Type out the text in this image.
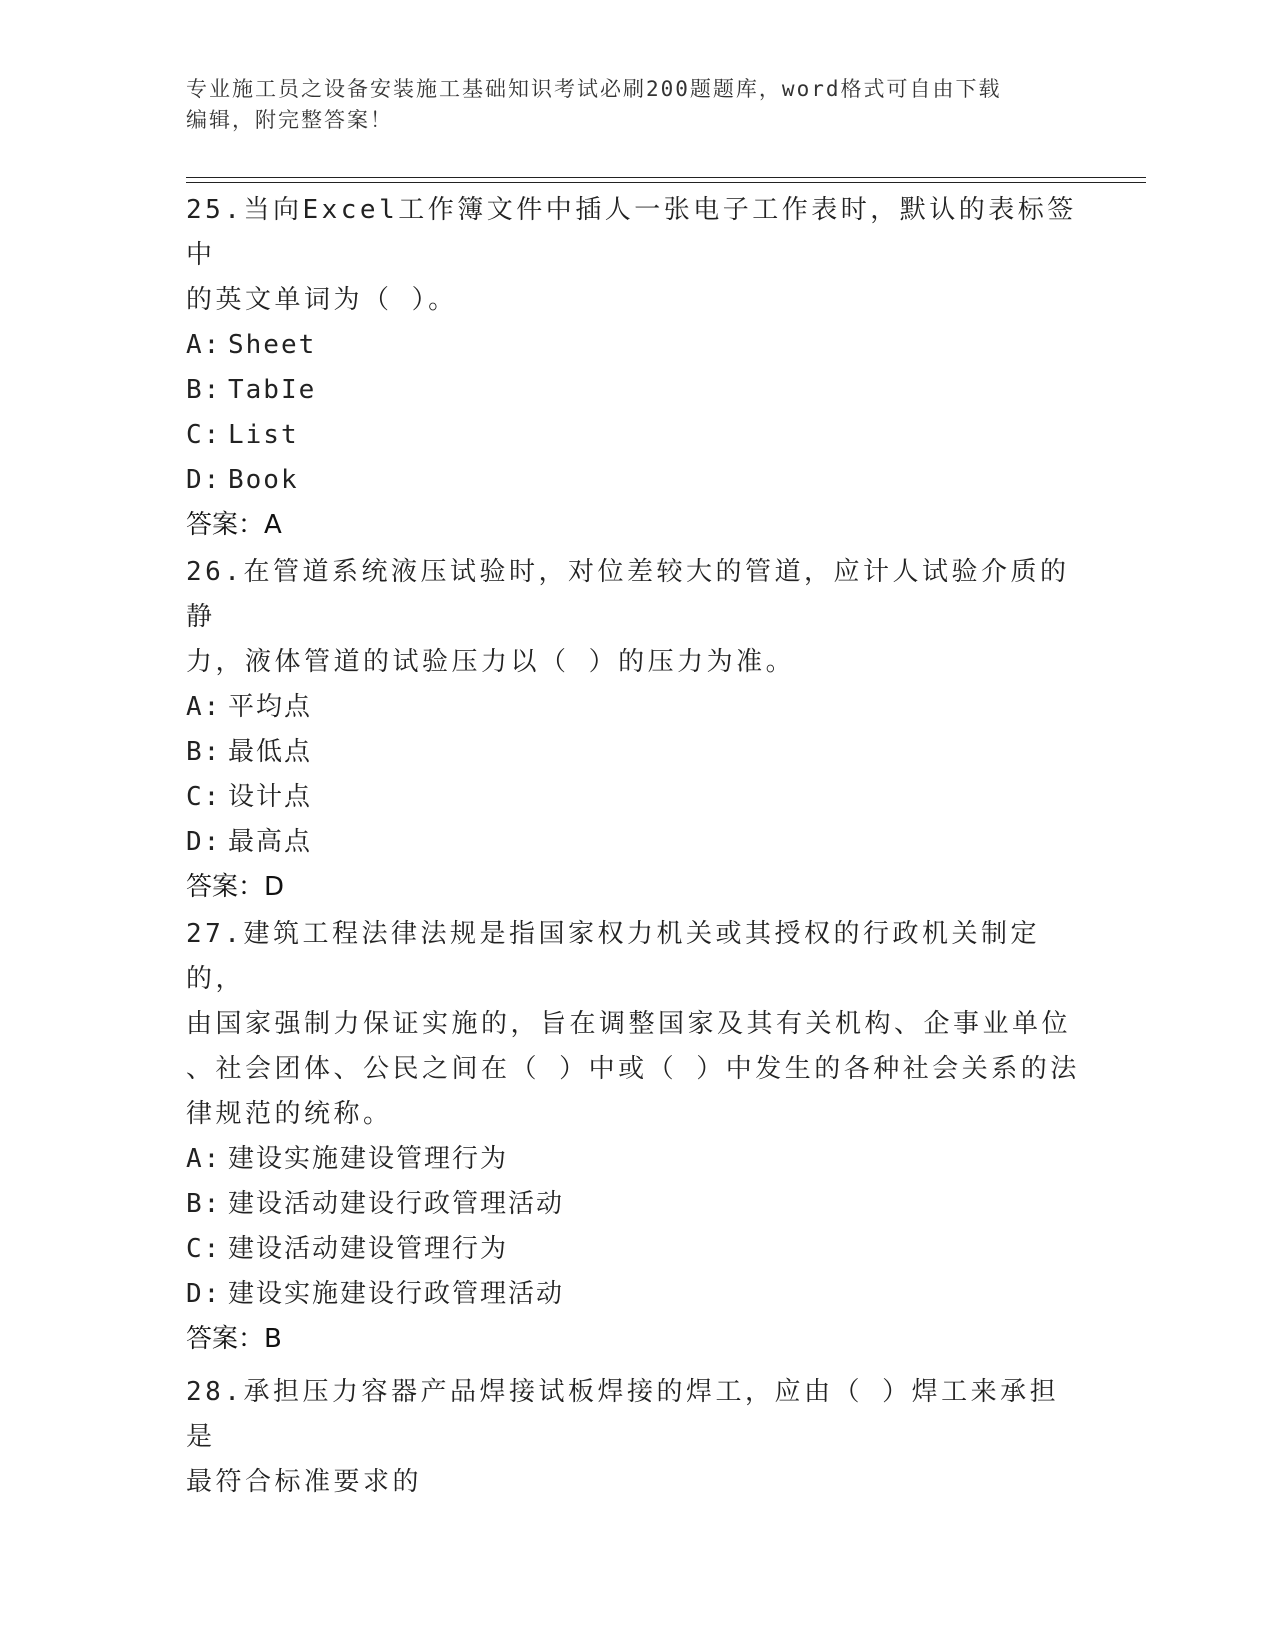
专业施工员之设备安装施工基础知识考试必刷200题题库，word格式可自由下载
编辑，附完整答案！

25.当向Excel工作簿文件中插人一张电子工作表时，默认的表标签中

的英文单词为（ ）。

A: Sheet

B: TabIe

C: List

D: Book

答案：A

26.在管道系统液压试验时，对位差较大的管道，应计人试验介质的静

力，液体管道的试验压力以（ ）的压力为准。

A: 平均点

B: 最低点

C: 设计点

D: 最高点

答案：D

27.建筑工程法律法规是指国家权力机关或其授权的行政机关制定的，

由国家强制力保证实施的，旨在调整国家及其有关机构、企事业单位

、社会团体、公民之间在（ ）中或（ ）中发生的各种社会关系的法

律规范的统称。

A: 建设实施建设管理行为

B: 建设活动建设行政管理活动

C: 建设活动建设管理行为

D: 建设实施建设行政管理活动

答案：B

28.承担压力容器产品焊接试板焊接的焊工，应由（ ）焊工来承担是

最符合标准要求的
